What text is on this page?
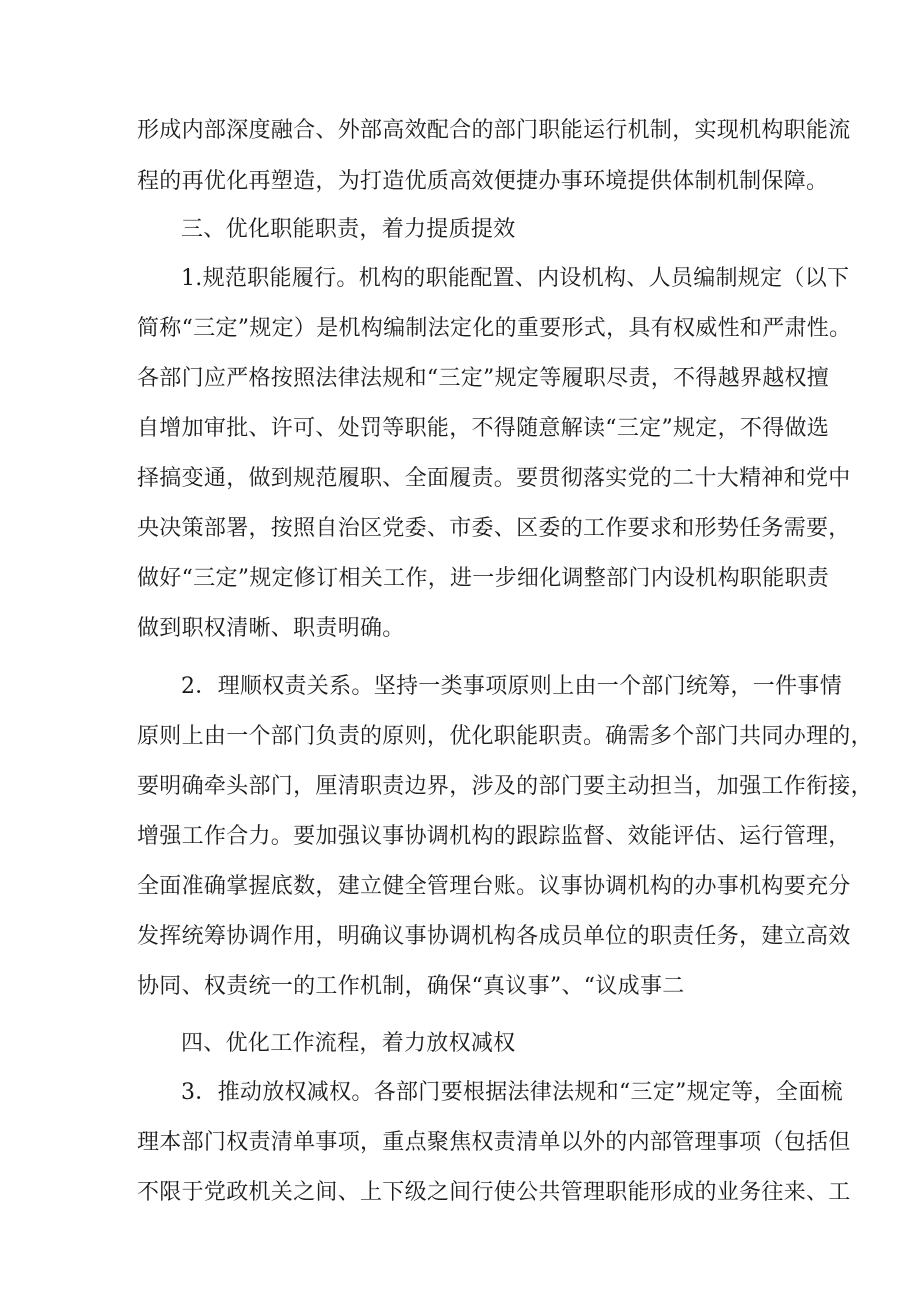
形成内部深度融合、外部高效配合的部门职能运行机制，实现机构职能流

程的再优化再塑造，为打造优质高效便捷办事环境提供体制机制保障。

三、优化职能职责，着力提质提效

1.规范职能履行。机构的职能配置、内设机构、人员编制规定（以下

简称“三定”规定）是机构编制法定化的重要形式，具有权威性和严肃性。

各部门应严格按照法律法规和“三定”规定等履职尽责，不得越界越权擅

自增加审批、许可、处罚等职能，不得随意解读“三定”规定，不得做选

择搞变通，做到规范履职、全面履责。要贯彻落实党的二十大精神和党中

央决策部署，按照自治区党委、市委、区委的工作要求和形势任务需要，

做好“三定”规定修订相关工作，进一步细化调整部门内设机构职能职责

做到职权清晰、职责明确。

2．理顺权责关系。坚持一类事项原则上由一个部门统筹，一件事情

原则上由一个部门负责的原则，优化职能职责。确需多个部门共同办理的，

要明确牵头部门，厘清职责边界，涉及的部门要主动担当，加强工作衔接，

增强工作合力。要加强议事协调机构的跟踪监督、效能评估、运行管理，

全面准确掌握底数，建立健全管理台账。议事协调机构的办事机构要充分

发挥统筹协调作用，明确议事协调机构各成员单位的职责任务，建立高效

协同、权责统一的工作机制，确保“真议事”、“议成事二

四、优化工作流程，着力放权减权

3．推动放权减权。各部门要根据法律法规和“三定”规定等，全面梳

理本部门权责清单事项，重点聚焦权责清单以外的内部管理事项（包括但

不限于党政机关之间、上下级之间行使公共管理职能形成的业务往来、工
